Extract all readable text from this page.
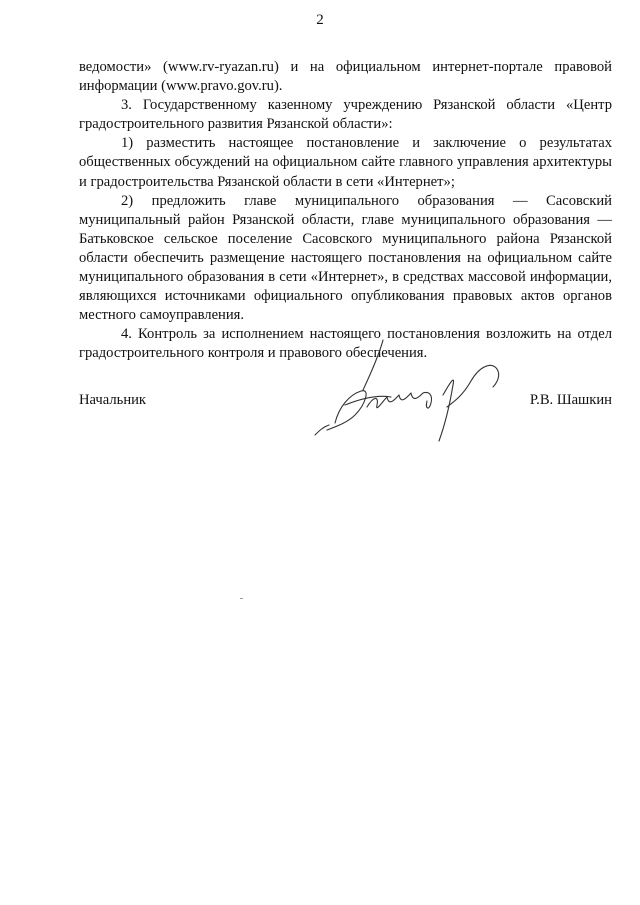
2

ведомости» (www.rv-ryazan.ru) и на официальном интернет-портале правовой информации (www.pravo.gov.ru).

3. Государственному казенному учреждению Рязанской области «Центр градостроительного развития Рязанской области»:

1) разместить настоящее постановление и заключение о результатах общественных обсуждений на официальном сайте главного управления архитектуры и градостроительства Рязанской области в сети «Интернет»;

2) предложить главе муниципального образования — Сасовский муниципальный район Рязанской области, главе муниципального образования — Батьковское сельское поселение Сасовского муниципального района Рязанской области обеспечить размещение настоящего постановления на официальном сайте муниципального образования в сети «Интернет», в средствах массовой информации, являющихся источниками официального опубликования правовых актов органов местного самоуправления.

4. Контроль за исполнением настоящего постановления возложить на отдел градостроительного контроля и правового обеспечения.

Начальник	Р.В. Шашкин
